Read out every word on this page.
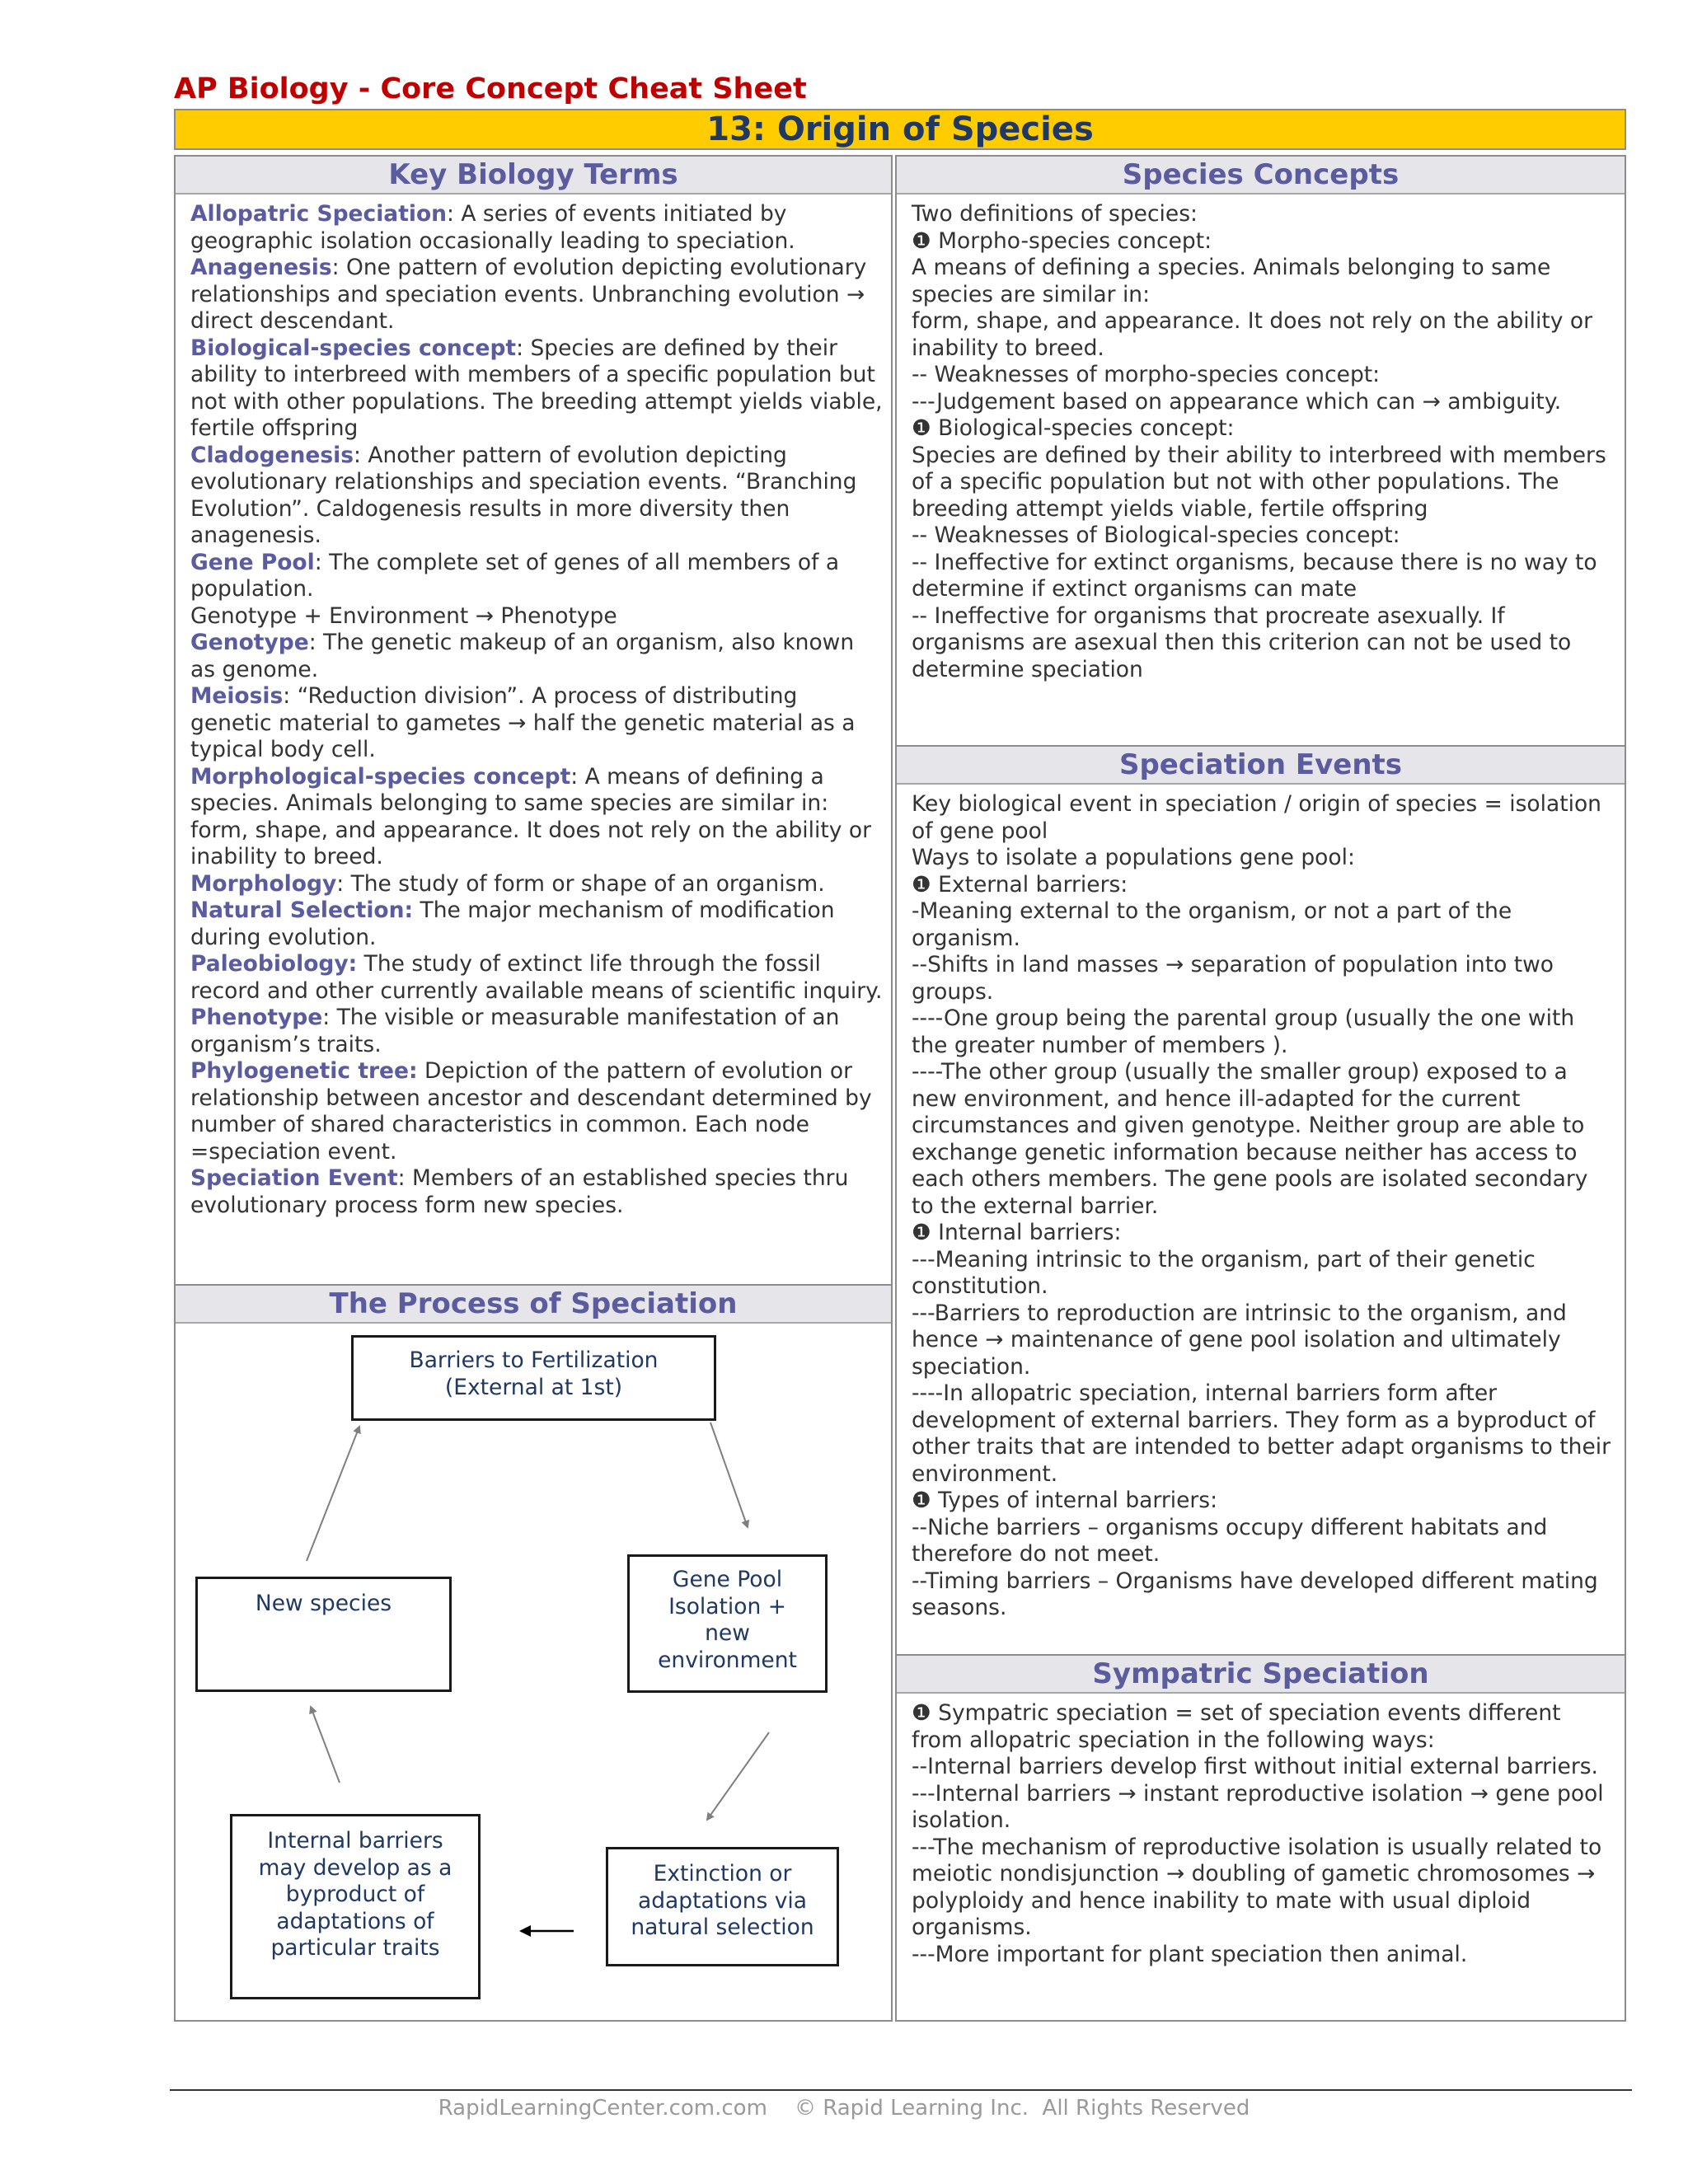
AP Biology - Core Concept Cheat Sheet
13: Origin of Species
Key Biology Terms
Allopatric Speciation: A series of events initiated by geographic isolation occasionally leading to speciation.
Anagenesis: One pattern of evolution depicting evolutionary relationships and speciation events. Unbranching evolution → direct descendant.
Biological-species concept: Species are defined by their ability to interbreed with members of a specific population but not with other populations. The breeding attempt yields viable, fertile offspring
Cladogenesis: Another pattern of evolution depicting evolutionary relationships and speciation events. “Branching Evolution”. Caldogenesis results in more diversity then anagenesis.
Gene Pool: The complete set of genes of all members of a population.
Genotype + Environment → Phenotype
Genotype: The genetic makeup of an organism, also known as genome.
Meiosis: “Reduction division”. A process of distributing genetic material to gametes → half the genetic material as a typical body cell.
Morphological-species concept: A means of defining a species. Animals belonging to same species are similar in: form, shape, and appearance. It does not rely on the ability or inability to breed.
Morphology: The study of form or shape of an organism.
Natural Selection: The major mechanism of modification during evolution.
Paleobiology: The study of extinct life through the fossil record and other currently available means of scientific inquiry.
Phenotype: The visible or measurable manifestation of an organism’s traits.
Phylogenetic tree: Depiction of the pattern of evolution or relationship between ancestor and descendant determined by number of shared characteristics in common. Each node =speciation event.
Speciation Event: Members of an established species thru evolutionary process form new species.
The Process of Speciation
Barriers to Fertilization
(External at 1st)
Gene Pool
Isolation +
new
environment
New species
Internal barriers
may develop as a
byproduct of
adaptations of
particular traits
Extinction or
adaptations via
natural selection
Species Concepts
Two definitions of species:
❶ Morpho-species concept:
A means of defining a species. Animals belonging to same species are similar in:
form, shape, and appearance. It does not rely on the ability or inability to breed.
-- Weaknesses of morpho-species concept:
---Judgement based on appearance which can → ambiguity.
❶ Biological-species concept:
Species are defined by their ability to interbreed with members of a specific population but not with other populations. The breeding attempt yields viable, fertile offspring
-- Weaknesses of Biological-species concept:
-- Ineffective for extinct organisms, because there is no way to determine if extinct organisms can mate
-- Ineffective for organisms that procreate asexually. If organisms are asexual then this criterion can not be used to determine speciation
Speciation Events
Key biological event in speciation / origin of species = isolation of gene pool
Ways to isolate a populations gene pool:
❶ External barriers:
-Meaning external to the organism, or not a part of the organism.
--Shifts in land masses → separation of population into two groups.
----One group being the parental group (usually the one with the greater number of members ).
----The other group (usually the smaller group) exposed to a new environment, and hence ill-adapted for the current circumstances and given genotype. Neither group are able to exchange genetic information because neither has access to each others members. The gene pools are isolated secondary to the external barrier.
❶ Internal barriers:
---Meaning intrinsic to the organism, part of their genetic constitution.
---Barriers to reproduction are intrinsic to the organism, and hence → maintenance of gene pool isolation and ultimately speciation.
----In allopatric speciation, internal barriers form after development of external barriers. They form as a byproduct of other traits that are intended to better adapt organisms to their environment.
❶ Types of internal barriers:
--Niche barriers – organisms occupy different habitats and therefore do not meet.
--Timing barriers – Organisms have developed different mating seasons.
Sympatric Speciation
❶ Sympatric speciation = set of speciation events different from allopatric speciation in the following ways:
--Internal barriers develop first without initial external barriers.
---Internal barriers → instant reproductive isolation → gene pool isolation.
---The mechanism of reproductive isolation is usually related to meiotic nondisjunction → doubling of gametic chromosomes → polyploidy and hence inability to mate with usual diploid organisms.
---More important for plant speciation then animal.
RapidLearningCenter.com.com    © Rapid Learning Inc.  All Rights Reserved
